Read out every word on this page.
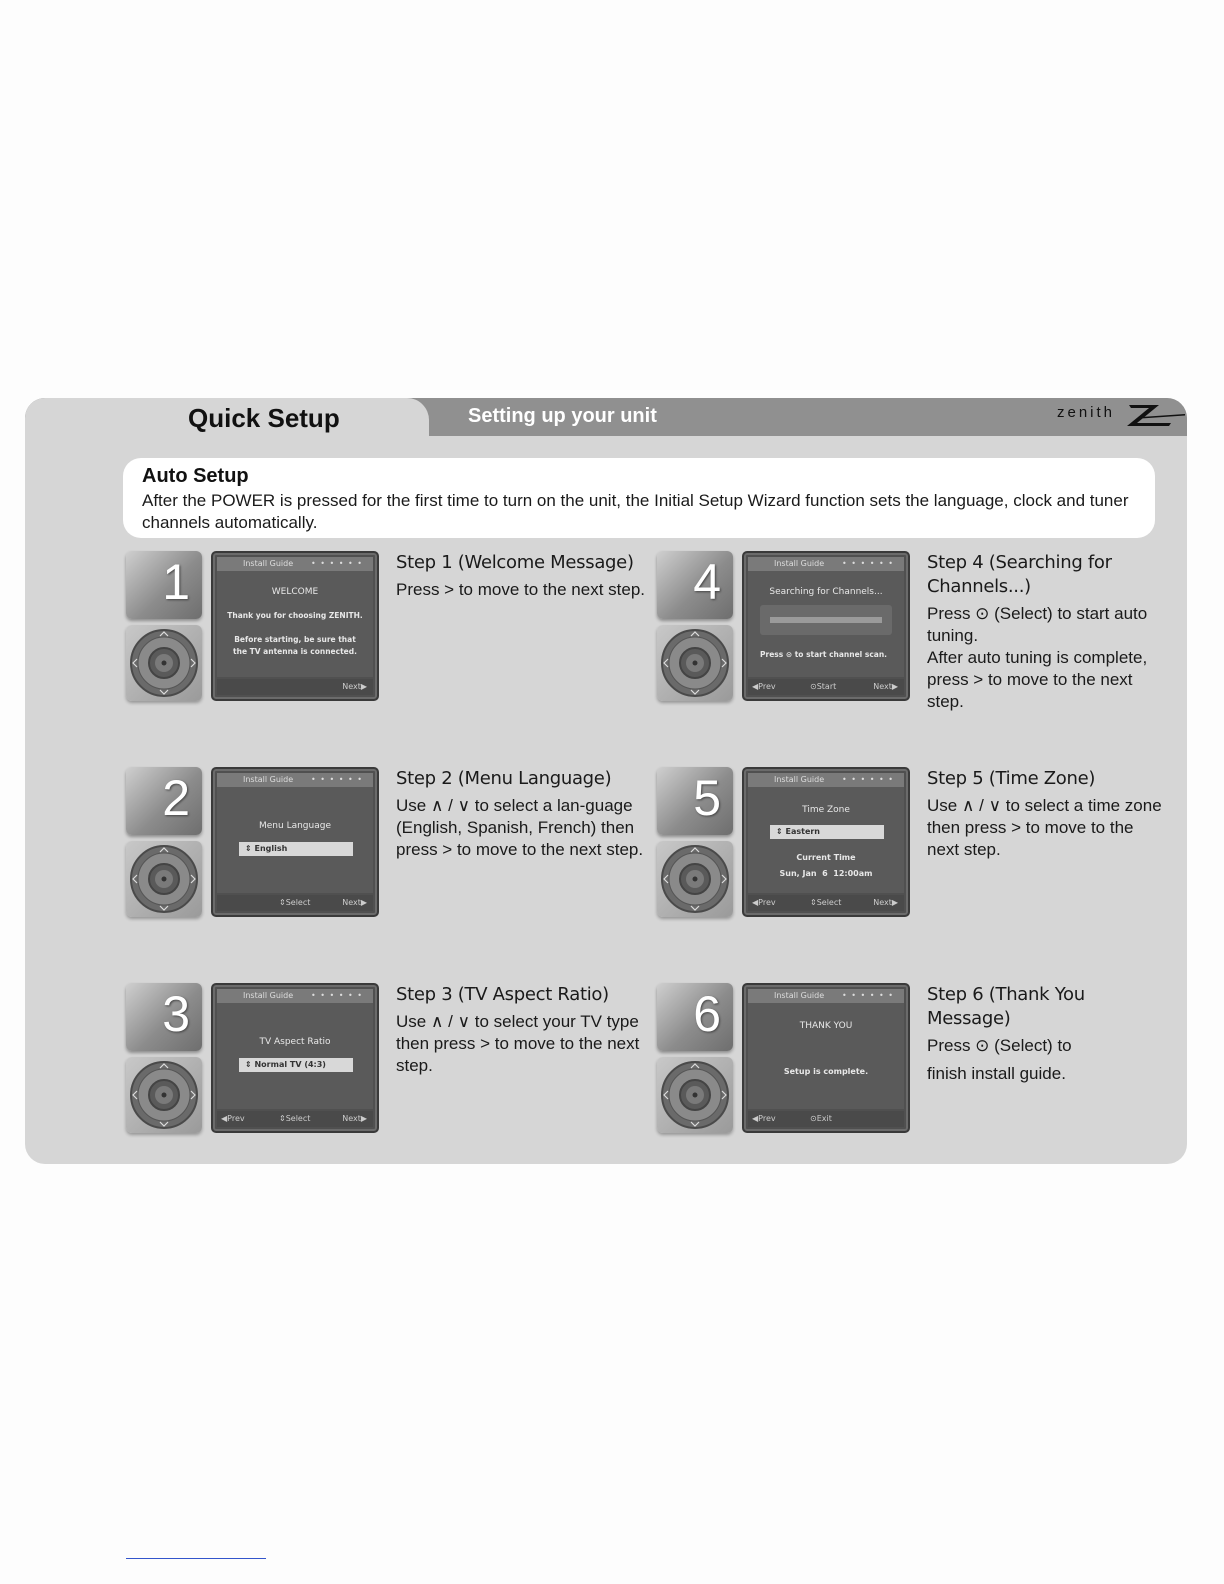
Quick Setup	Setting up your unit	zenith
Auto Setup
After the POWER is pressed for the first time to turn on the unit, the Initial Setup Wizard function sets the language, clock and tuner channels automatically.
1	Install Guide • • • • • •
WELCOME
Thank you for choosing ZENITH.
Before starting, be sure that
the TV antenna is connected.
Next▶
Step 1 (Welcome Message)
Press > to move to the next step.
2	Install Guide • • • • • •
Menu Language
⇕ English
⇕Select	Next▶
Step 2 (Menu Language)
Use ∧ / ∨ to select a lan-guage (English, Spanish, French) then press > to move to the next step.
3	Install Guide • • • • • •
TV Aspect Ratio
⇕ Normal TV (4:3)
◀Prev	⇕Select	Next▶
Step 3 (TV Aspect Ratio)
Use ∧ / ∨ to select your TV type then press > to move to the next step.
4	Install Guide • • • • • •
Searching for Channels...
Press ⊙ to start channel scan.
◀Prev	⊙Start	Next▶
Step 4 (Searching for Channels...)
Press ⊙ (Select) to start auto tuning.
After auto tuning is complete, press > to move to the next step.
5	Install Guide • • • • • •
Time Zone
⇕ Eastern
Current Time
Sun, Jan  6  12:00am
◀Prev	⇕Select	Next▶
Step 5 (Time Zone)
Use ∧ / ∨ to select a time zone then press > to move to the next step.
6	Install Guide • • • • • •
THANK YOU
Setup is complete.
◀Prev	⊙Exit
Step 6 (Thank You Message)
Press ⊙ (Select) to
finish install guide.
